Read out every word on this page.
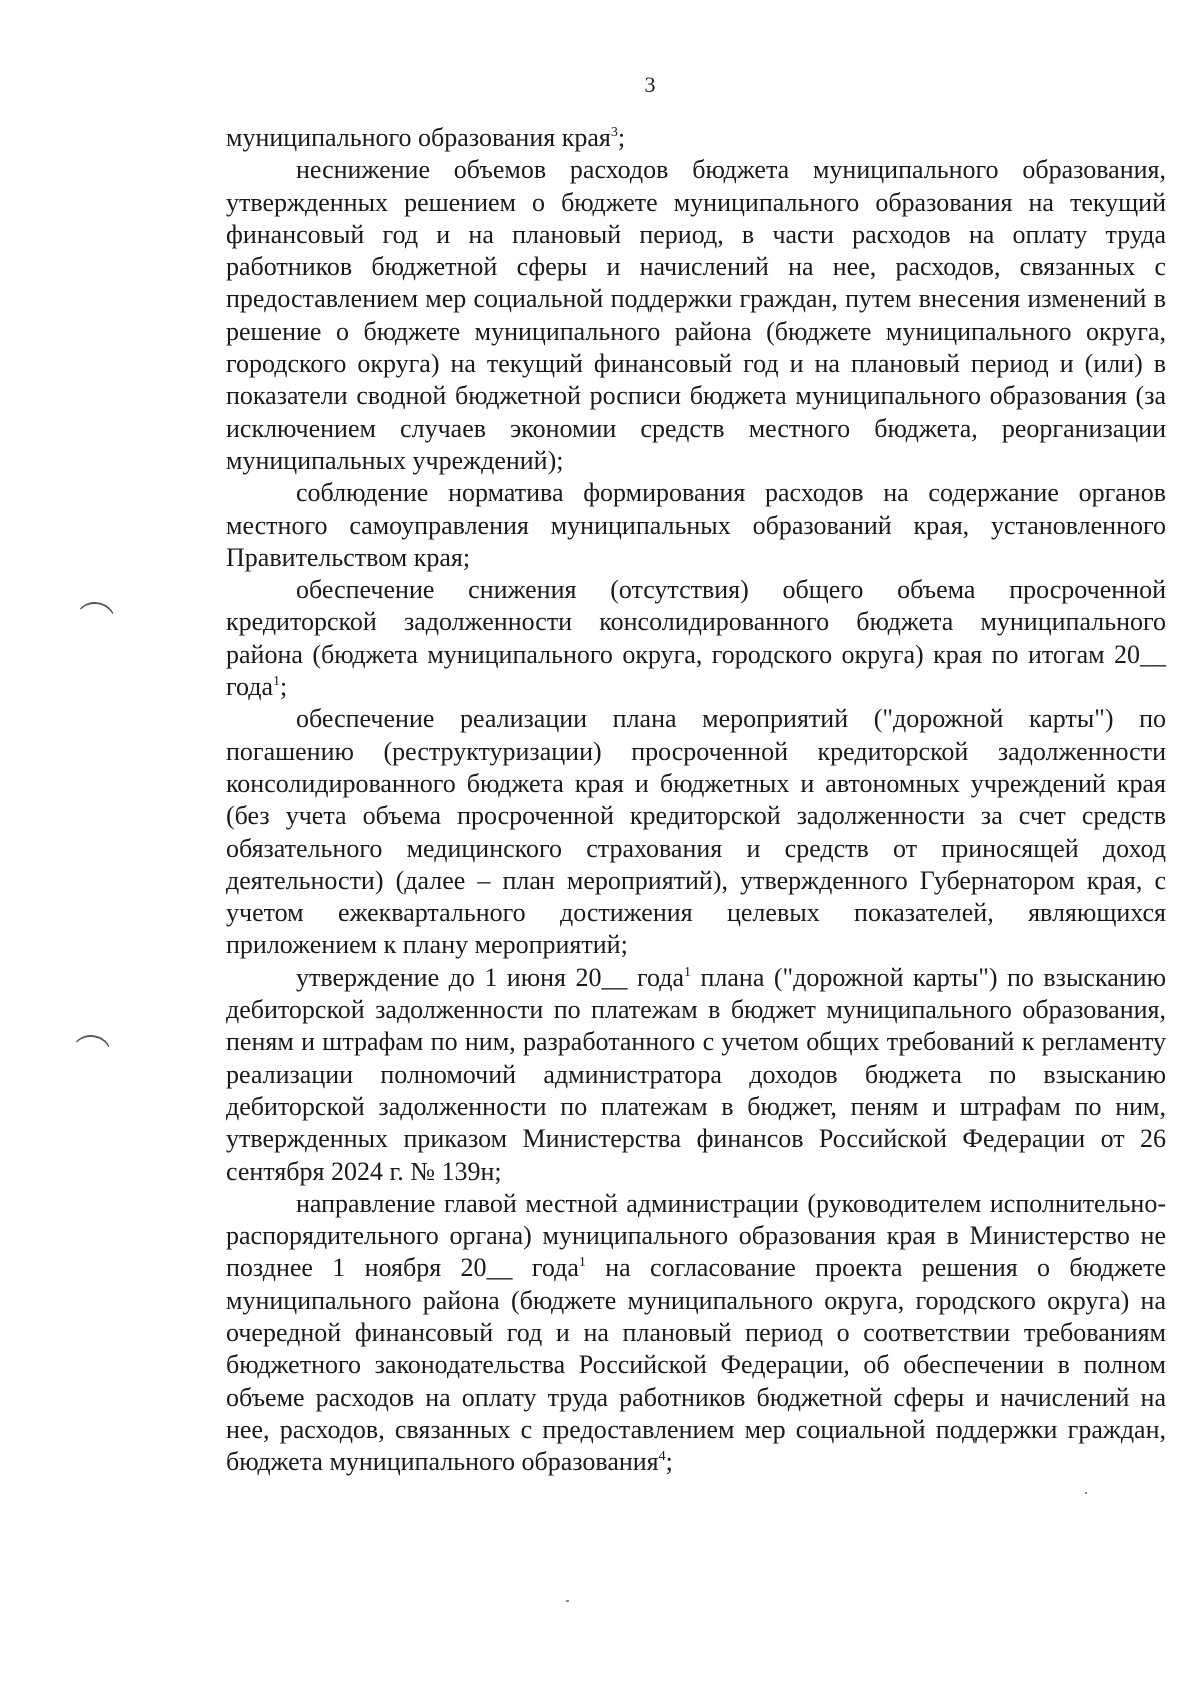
3

муниципального образования края$^3$;

неснижение объемов расходов бюджета муниципального образования, утвержденных решением о бюджете муниципального образования на текущий финансовый год и на плановый период, в части расходов на оплату труда работников бюджетной сферы и начислений на нее, расходов, связанных с предоставлением мер социальной поддержки граждан, путем внесения изменений в решение о бюджете муниципального района (бюджете муниципального округа, городского округа) на текущий финансовый год и на плановый период и (или) в показатели сводной бюджетной росписи бюджета муниципального образования (за исключением случаев экономии средств местного бюджета, реорганизации муниципальных учреждений);

соблюдение норматива формирования расходов на содержание органов местного самоуправления муниципальных образований края, установленного Правительством края;

обеспечение снижения (отсутствия) общего объема просроченной кредиторской задолженности консолидированного бюджета муниципального района (бюджета муниципального округа, городского округа) края по итогам 20__ года$^1$;

обеспечение реализации плана мероприятий ("дорожной карты") по погашению (реструктуризации) просроченной кредиторской задолженности консолидированного бюджета края и бюджетных и автономных учреждений края (без учета объема просроченной кредиторской задолженности за счет средств обязательного медицинского страхования и средств от приносящей доход деятельности) (далее – план мероприятий), утвержденного Губернатором края, с учетом ежеквартального достижения целевых показателей, являющихся приложением к плану мероприятий;

утверждение до 1 июня 20__ года$^1$ плана ("дорожной карты") по взысканию дебиторской задолженности по платежам в бюджет муниципального образования, пеням и штрафам по ним, разработанного с учетом общих требований к регламенту реализации полномочий администратора доходов бюджета по взысканию дебиторской задолженности по платежам в бюджет, пеням и штрафам по ним, утвержденных приказом Министерства финансов Российской Федерации от 26 сентября 2024 г. № 139н;

направление главой местной администрации (руководителем исполнительно-распорядительного органа) муниципального образования края в Министерство не позднее 1 ноября 20__ года$^1$ на согласование проекта решения о бюджете муниципального района (бюджете муниципального округа, городского округа) на очередной финансовый год и на плановый период о соответствии требованиям бюджетного законодательства Российской Федерации, об обеспечении в полном объеме расходов на оплату труда работников бюджетной сферы и начислений на нее, расходов, связанных с предоставлением мер социальной поддержки граждан, бюджета муниципального образования$^4$;
